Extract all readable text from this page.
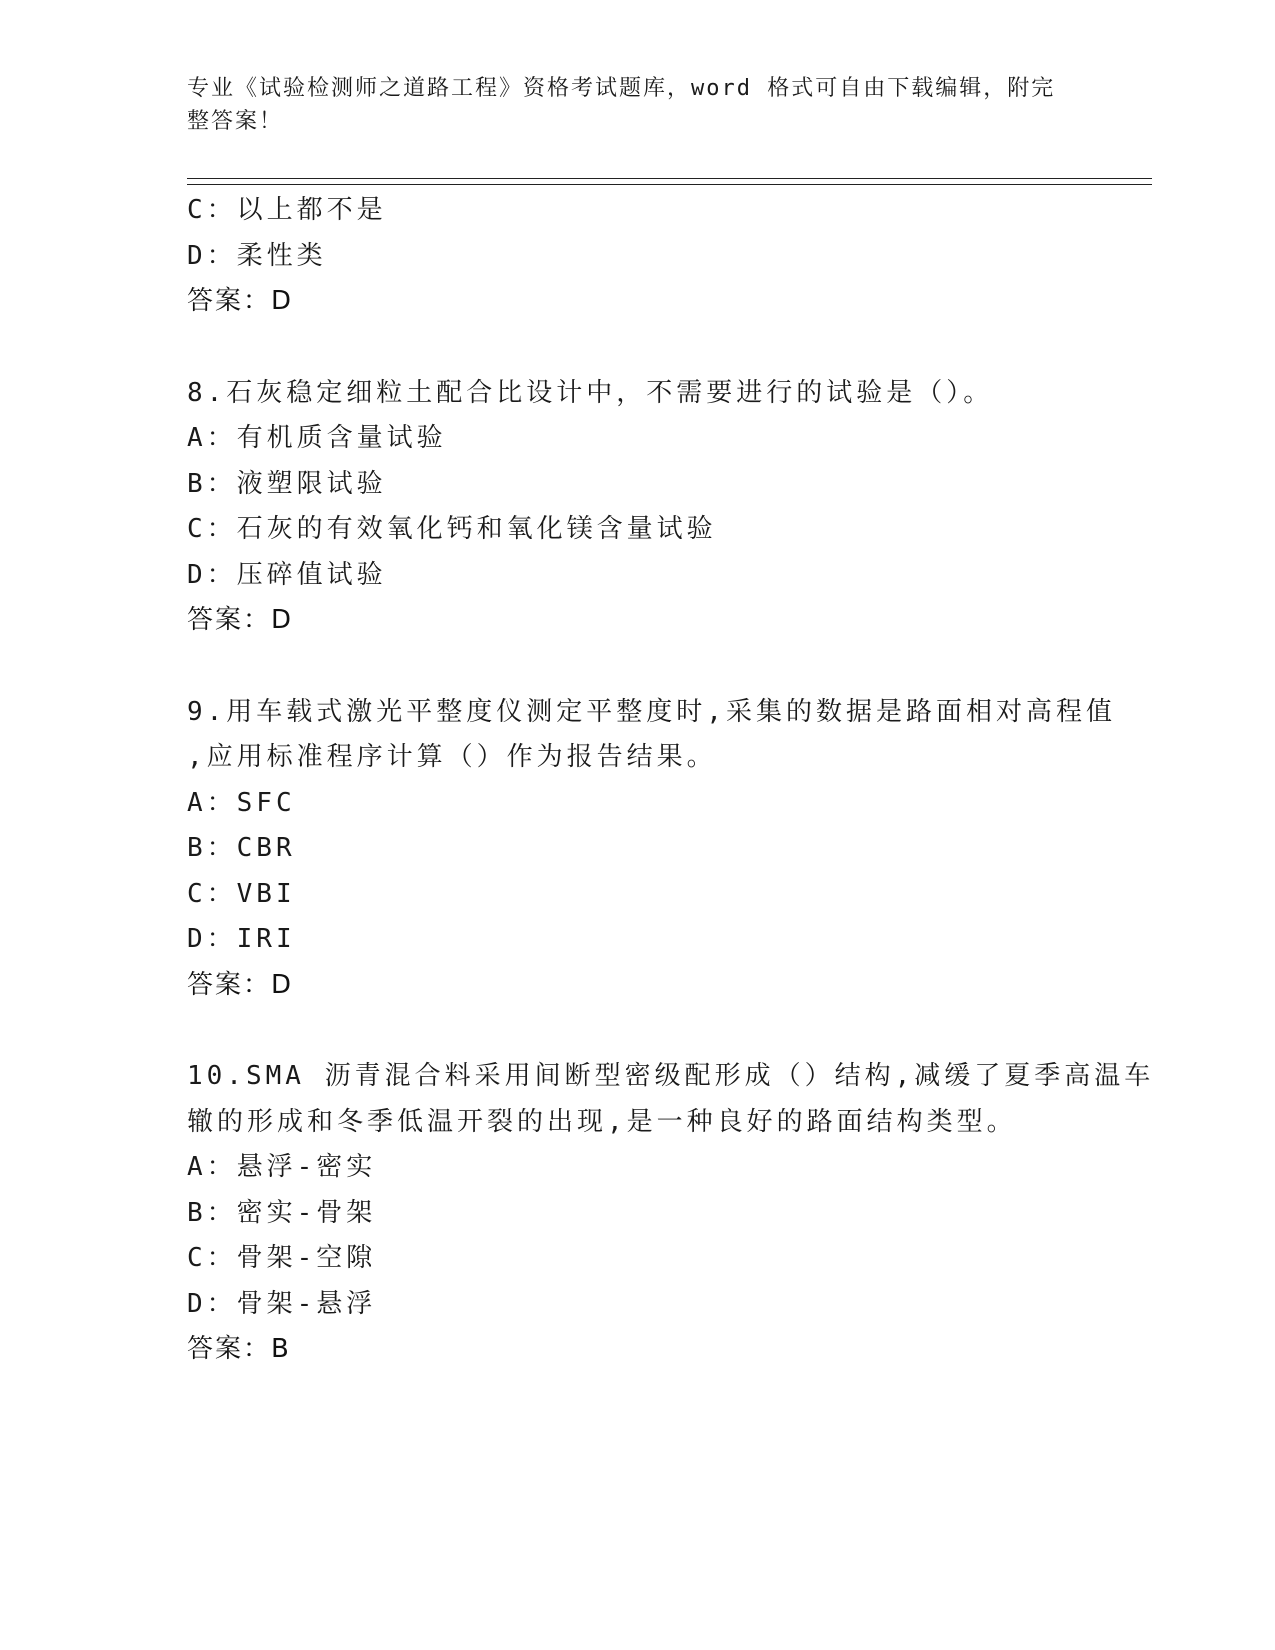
专业《试验检测师之道路工程》资格考试题库，word 格式可自由下载编辑，附完
整答案！
C：以上都不是
D：柔性类
答案：D
8.石灰稳定细粒土配合比设计中，不需要进行的试验是（）。
A：有机质含量试验
B：液塑限试验
C：石灰的有效氧化钙和氧化镁含量试验
D：压碎值试验
答案：D
9.用车载式激光平整度仪测定平整度时,采集的数据是路面相对高程值
,应用标准程序计算（）作为报告结果。
A：SFC
B：CBR
C：VBI
D：IRI
答案：D
10.SMA 沥青混合料采用间断型密级配形成（）结构,减缓了夏季高温车
辙的形成和冬季低温开裂的出现,是一种良好的路面结构类型。
A：悬浮-密实
B：密实-骨架
C：骨架-空隙
D：骨架-悬浮
答案：B
